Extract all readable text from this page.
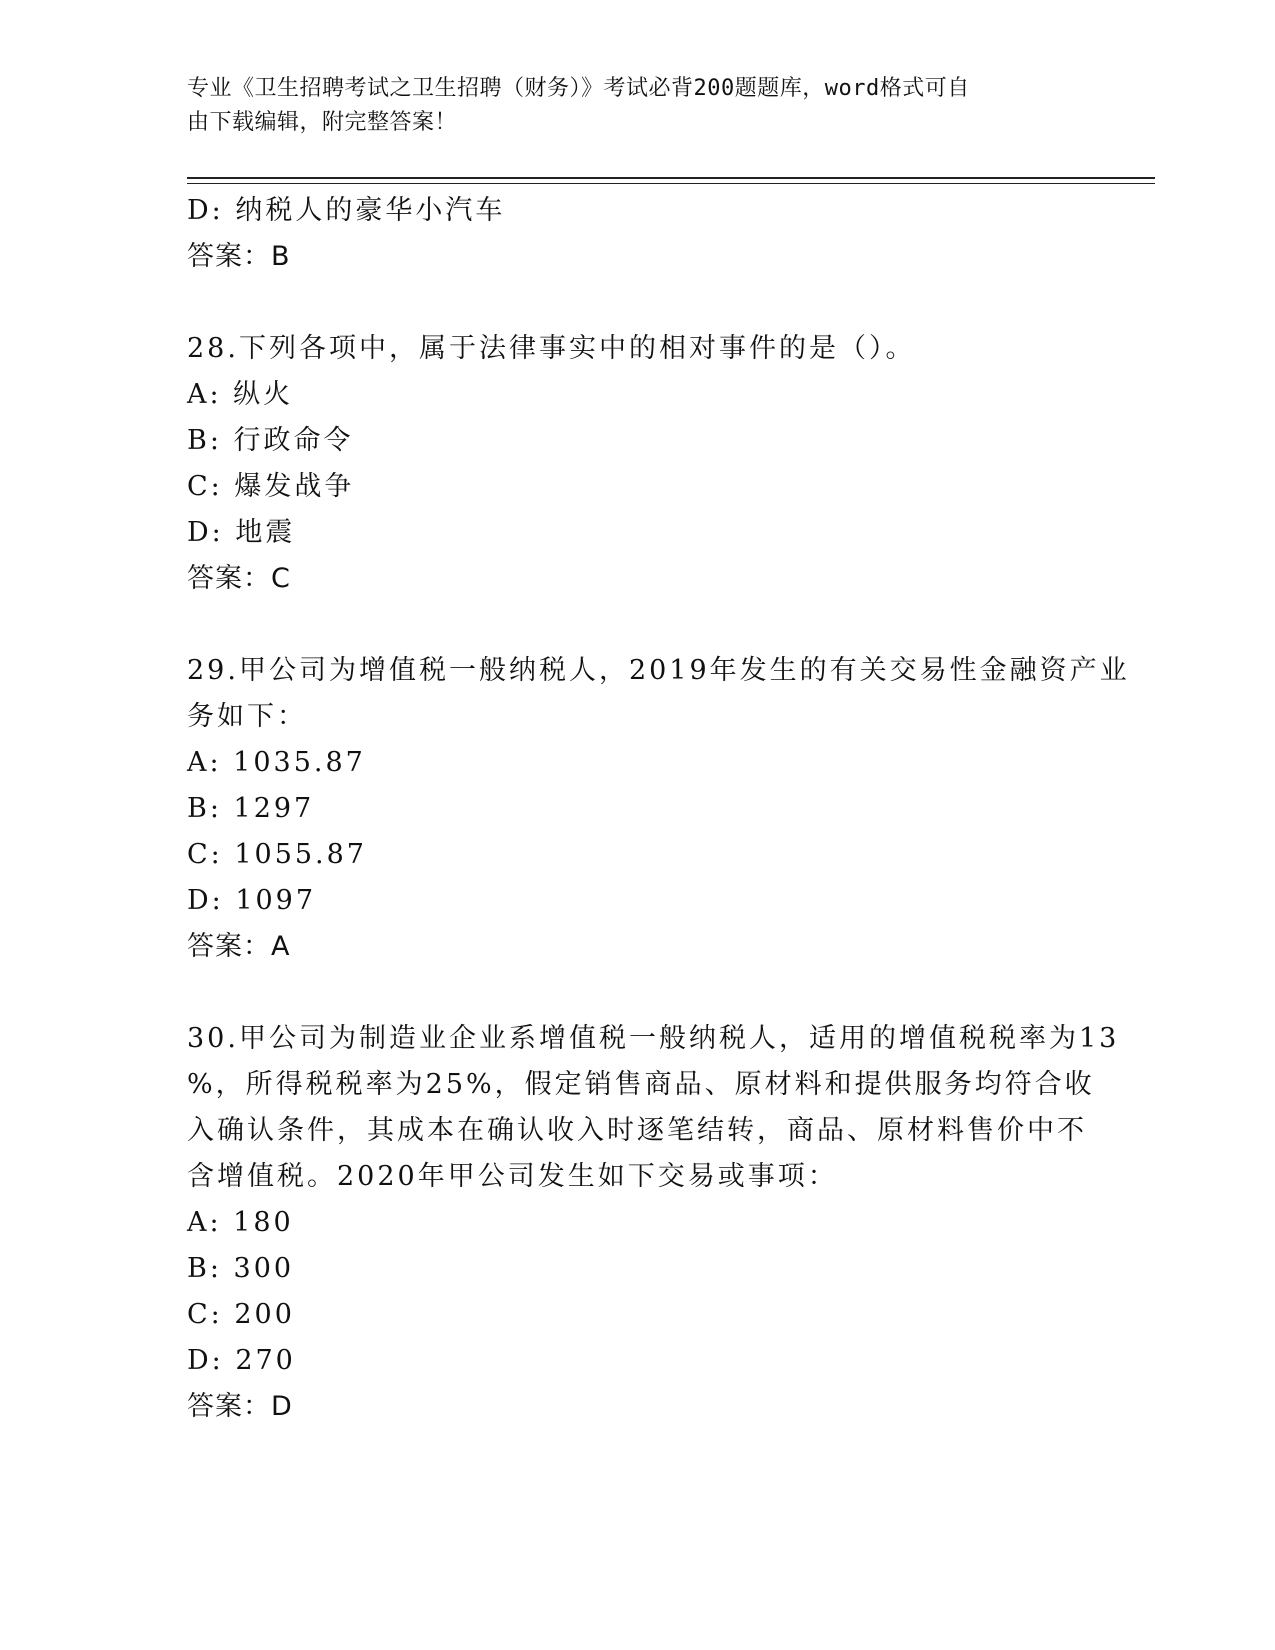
专业《卫生招聘考试之卫生招聘（财务）》考试必背200题题库，word格式可自
由下载编辑，附完整答案！
D: 纳税人的豪华小汽车
答案：B
28.下列各项中，属于法律事实中的相对事件的是（）。
A: 纵火
B: 行政命令
C: 爆发战争
D: 地震
答案：C
29.甲公司为增值税一般纳税人，2019年发生的有关交易性金融资产业
务如下：
A: 1035.87
B: 1297
C: 1055.87
D: 1097
答案：A
30.甲公司为制造业企业系增值税一般纳税人，适用的增值税税率为13
%，所得税税率为25%，假定销售商品、原材料和提供服务均符合收
入确认条件，其成本在确认收入时逐笔结转，商品、原材料售价中不
含增值税。2020年甲公司发生如下交易或事项：
A: 180
B: 300
C: 200
D: 270
答案：D
